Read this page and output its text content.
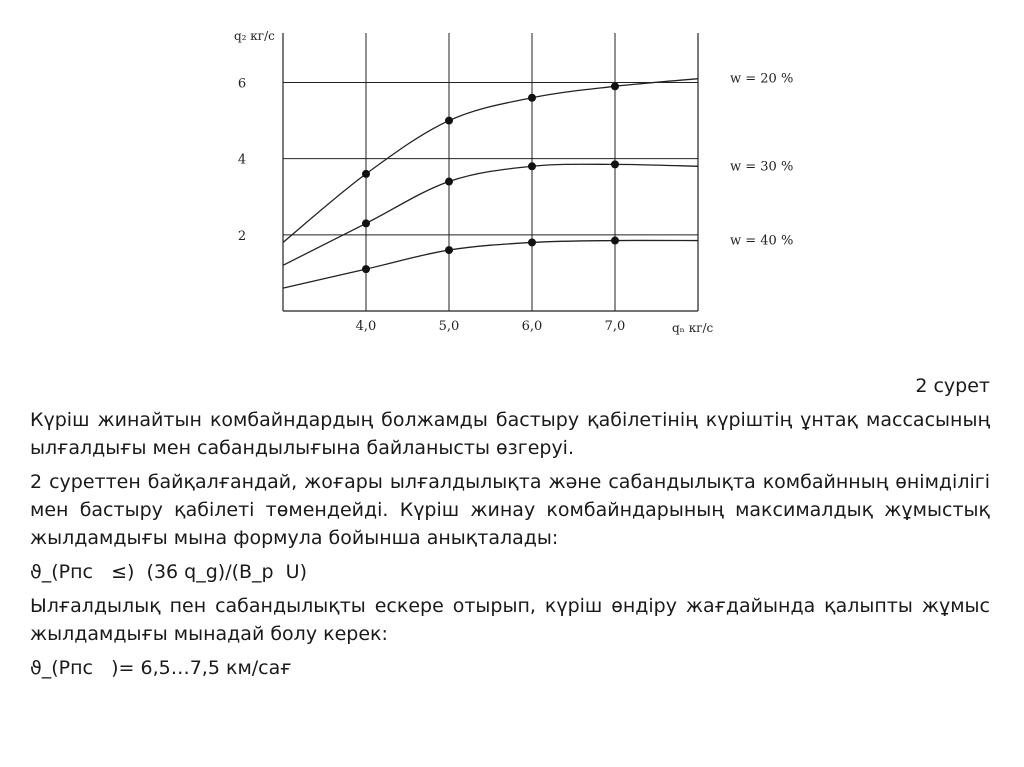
4,0	5,0	6,0	7,0
2
4
6	w = 20 %
w = 30 %
w = 40 %
q₂ кг/с
qₙ кг/с
2 сурет

Күріш жинайтын комбайндардың болжамды бастыру қабілетінің күріштің ұнтақ массасының ылғалдығы мен сабандылығына байланысты өзгеруі.

2 суреттен байқалғандай, жоғары ылғалдылықта және сабандылықта комбайнның өнімділігі мен бастыру қабілеті төмендейді. Күріш жинау комбайндарының максималдық жұмыстық жылдамдығы мына формула бойынша анықталады:

ϑ_(Рпс   ≤)  (36 q_g)/(B_р  U)

Ылғалдылық пен сабандылықты ескере отырып, күріш өндіру жағдайында қалыпты жұмыс жылдамдығы мынадай болу керек:

ϑ_(Рпс   )= 6,5…7,5 км/сағ
